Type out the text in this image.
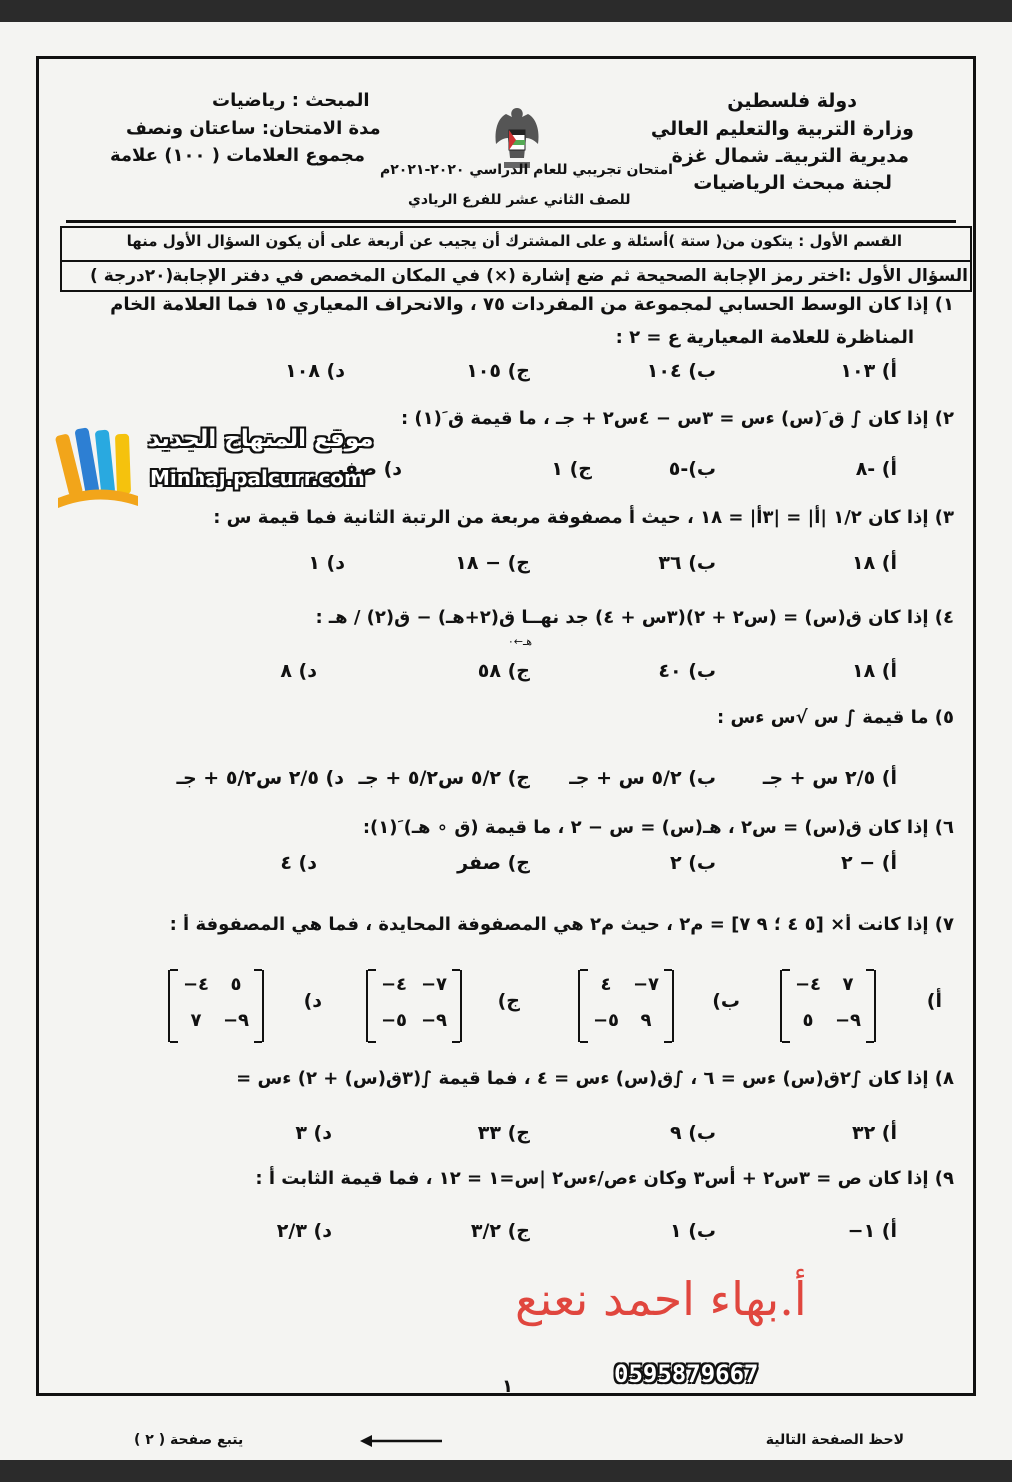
دولة فلسطين
وزارة التربية والتعليم العالي
مديرية التربيةـ شمال غزة
لجنة مبحث الرياضيات
المبحث : رياضيات
مدة الامتحان: ساعتان ونصف
مجموع العلامات ( ١٠٠) علامة
امتحان تجريبي للعام الدراسي ٢٠٢٠-٢٠٢١م
للصف الثاني عشر للفرع الريادي
القسم الأول : يتكون من( ستة )أسئلة و على المشترك أن يجيب عن أربعة على أن يكون السؤال الأول منها
السؤال الأول :اختر رمز الإجابة الصحيحة ثم ضع إشارة (×) في المكان المخصص في دفتر الإجابة
(٢٠درجة )
١) إذا كان الوسط الحسابي لمجموعة من المفردات ٧٥ ، والانحراف المعياري ١٥ فما العلامة الخام
المناظرة للعلامة المعيارية ع = ٢ :
أ) ١٠٣
ب) ١٠٤
ج) ١٠٥
د) ١٠٨
٢) إذا كان ∫ ق َ(س) ءس = ٣س − ٤س٢ + جـ ، ما قيمة ق َ(١) :
أ) -٨
ب)-٥
ج) ١
د) صفر
موقع المنهاج الجديد
Minhaj.palcurr.com
٣) إذا كان ١/٢ |أ| = |٣أ| = ١٨ ، حيث أ مصفوفة مربعة من الرتبة الثانية فما قيمة س :
أ) ١٨
ب) ٣٦
ج) − ١٨
د) ١
٤) إذا كان ق(س) = (س٢ + ٢)(٣س + ٤) جد نهــا ق(٢+هـ) − ق(٢) / هـ :
هـ←٠
أ) ١٨
ب) ٤٠
ج) ٥٨
د) ٨
٥) ما قيمة ∫ س √س ءس :
أ) ٢/٥ س + جـ
ب) ٥/٢ س + جـ
ج) ٥/٢ س٥/٢ + جـ
د) ٢/٥ س٥/٢ + جـ
٦) إذا كان ق(س) = س٢ ، هـ(س) = س − ٢ ، ما قيمة (ق ∘ هـ) َ(١):
أ) − ٢
ب) ٢
ج) صفر
د) ٤
٧) إذا كانت أ× [٥ ٤ ؛ ٩ ٧] = م٢ ، حيث م٢ هي المصفوفة المحايدة ، فما هي المصفوفة أ :
أ)
ب)
ج)
د)
٧
٤−
٩−
٥
٧−
٤
٩
٥−
٧−
٤−
٩−
٥−
٥
٤−
٩−
٧
٨) إذا كان ∫٢ق(س) ءس = ٦ ، ∫ق(س) ءس = ٤ ، فما قيمة ∫(٣ق(س) + ٢) ءس =
أ) ٣٢
ب) ٩
ج) ٣٣
د) ٣
٩) إذا كان ص = ٣س٢ + أس٣ وكان ءص/ءس٢ |س=١ = ١٢ ، فما قيمة الثابت أ :
أ) ١−
ب) ١
ج) ٣/٢
د) ٢/٣
أ.بهاء احمد نعنع
0595879667
١
لاحظ الصفحة التالية
يتبع صفحة ( ٢ )
